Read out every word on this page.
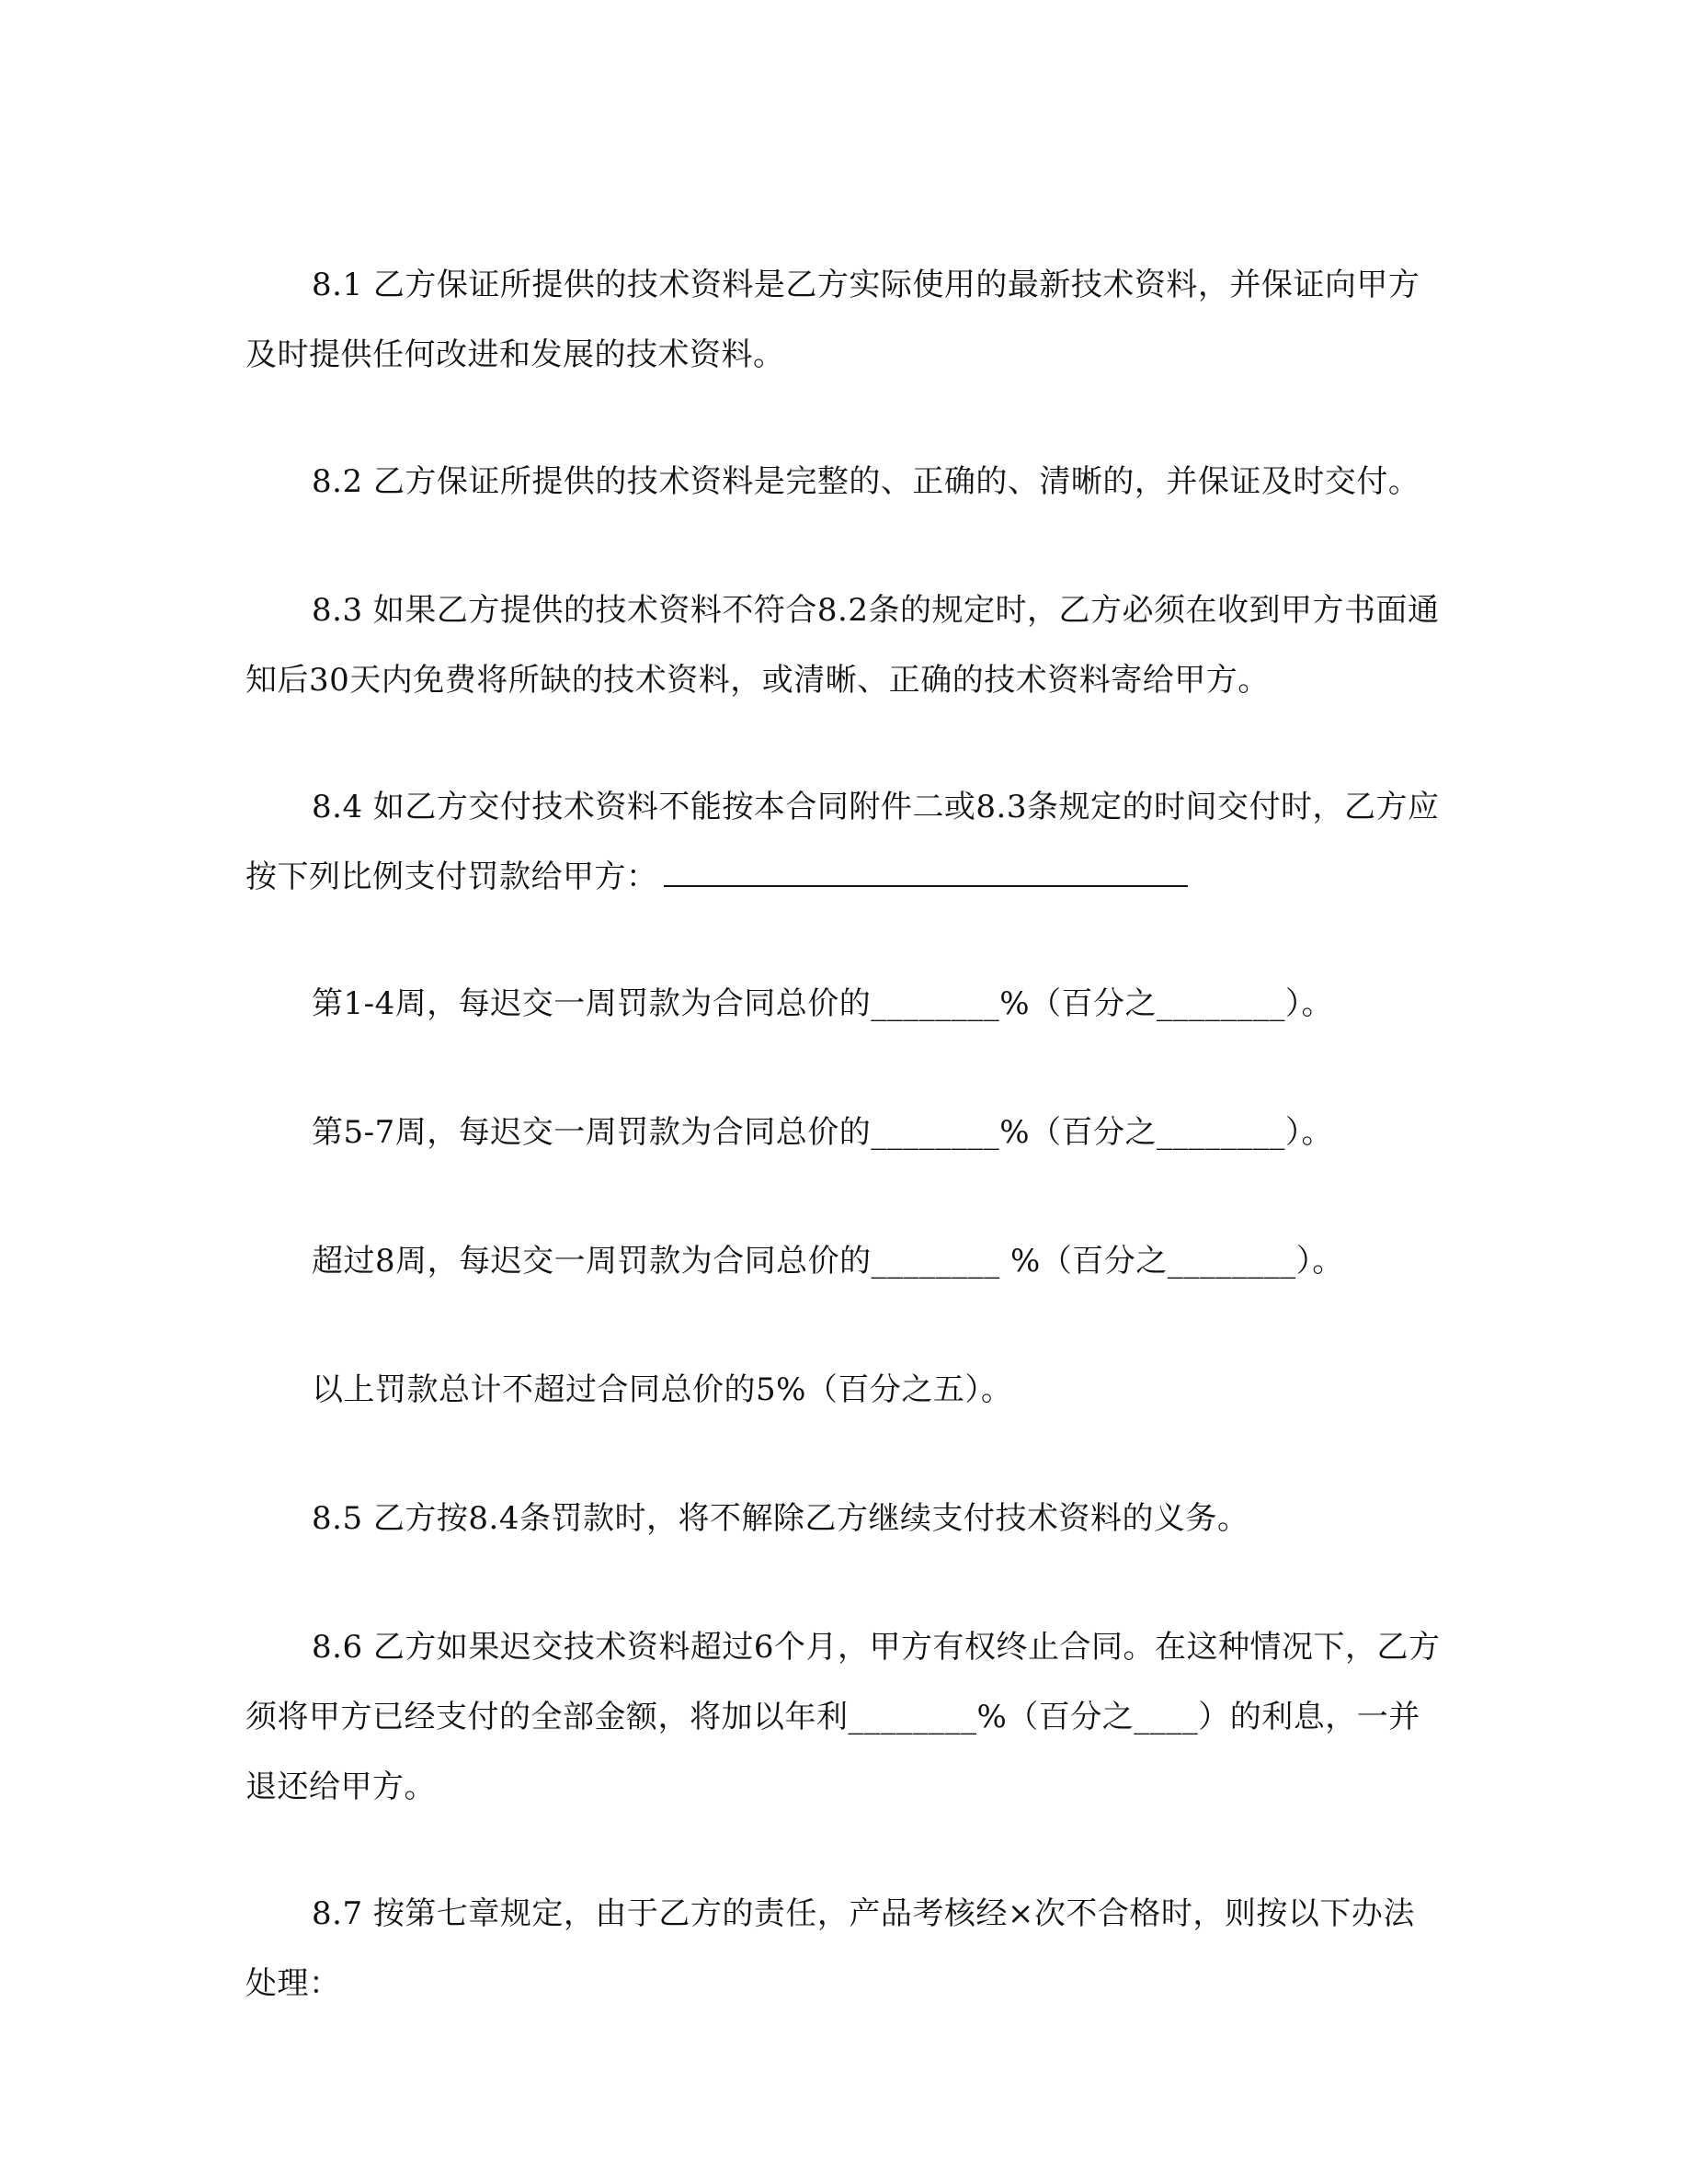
8.1 乙方保证所提供的技术资料是乙方实际使用的最新技术资料，并保证向甲方及时提供任何改进和发展的技术资料。

8.2 乙方保证所提供的技术资料是完整的、正确的、清晰的，并保证及时交付。

8.3 如果乙方提供的技术资料不符合8.2条的规定时，乙方必须在收到甲方书面通知后30天内免费将所缺的技术资料，或清晰、正确的技术资料寄给甲方。

8.4 如乙方交付技术资料不能按本合同附件二或8.3条规定的时间交付时，乙方应按下列比例支付罚款给甲方：

第1-4周，每迟交一周罚款为合同总价的________%（百分之________）。

第5-7周，每迟交一周罚款为合同总价的________%（百分之________）。

超过8周，每迟交一周罚款为合同总价的________ %（百分之________）。

以上罚款总计不超过合同总价的5%（百分之五）。

8.5 乙方按8.4条罚款时，将不解除乙方继续支付技术资料的义务。

8.6 乙方如果迟交技术资料超过6个月，甲方有权终止合同。在这种情况下，乙方须将甲方已经支付的全部金额，将加以年利________%（百分之____）的利息，一并退还给甲方。

8.7 按第七章规定，由于乙方的责任，产品考核经×次不合格时，则按以下办法处理：
